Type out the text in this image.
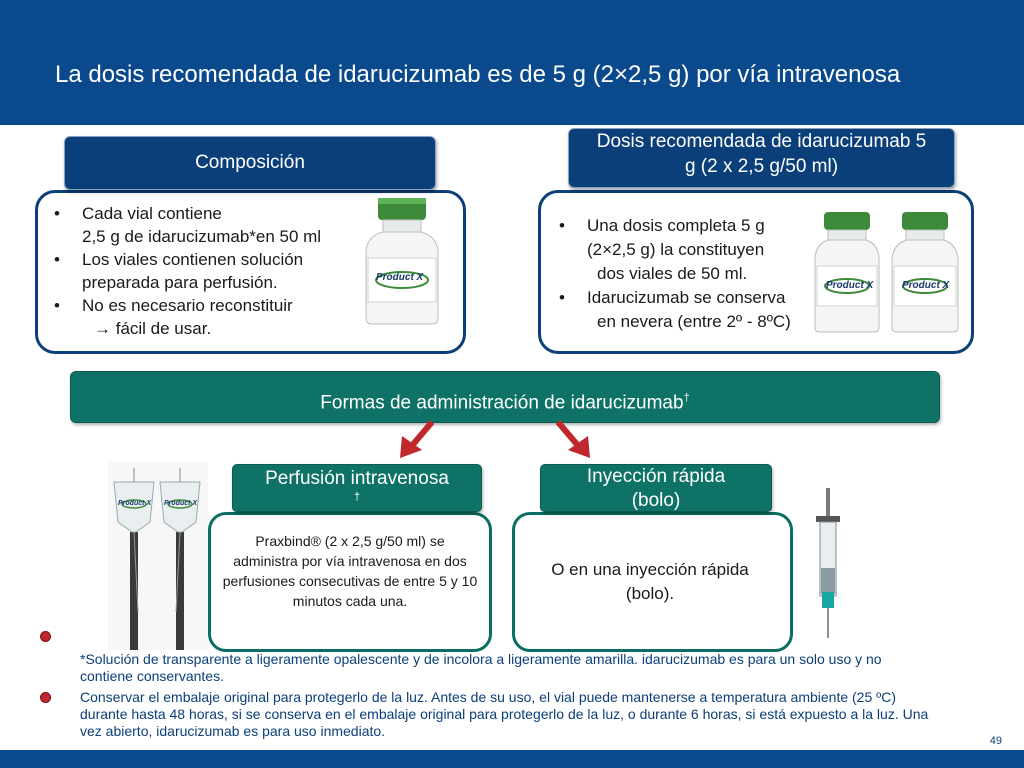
La dosis recomendada de idarucizumab es de 5 g (2×2,5 g) por vía intravenosa
Composición
• Cada vial contiene
2,5 g de idarucizumab*en 50 ml
• Los viales contienen solución
preparada para perfusión.
• No es necesario reconstituir
→ fácil de usar.
Product X
Dosis recomendada de idarucizumab 5 g (2 x 2,5 g/50 ml)
• Una dosis completa 5 g
(2×2,5 g) la constituyen
dos viales de 50 ml.
• Idarucizumab se conserva
en nevera (entre 2º - 8ºC)
Product X	Product X
Formas de administración de idarucizumab†
Product X Product X
Perfusión intravenosa
†
Praxbind® (2 x 2,5 g/50 ml) se administra por vía intravenosa en dos perfusiones consecutivas de entre 5 y 10 minutos cada una.
Inyección rápida (bolo)
O en una inyección rápida (bolo).
*Solución de transparente a ligeramente opalescente y de incolora a ligeramente amarilla. idarucizumab es para un solo uso y no contiene conservantes.
Conservar el embalaje original para protegerlo de la luz. Antes de su uso, el vial puede mantenerse a temperatura ambiente (25 ºC) durante hasta 48 horas, si se conserva en el embalaje original para protegerlo de la luz, o durante 6 horas, si está expuesto a la luz. Una vez abierto, idarucizumab es para uso inmediato.
49
